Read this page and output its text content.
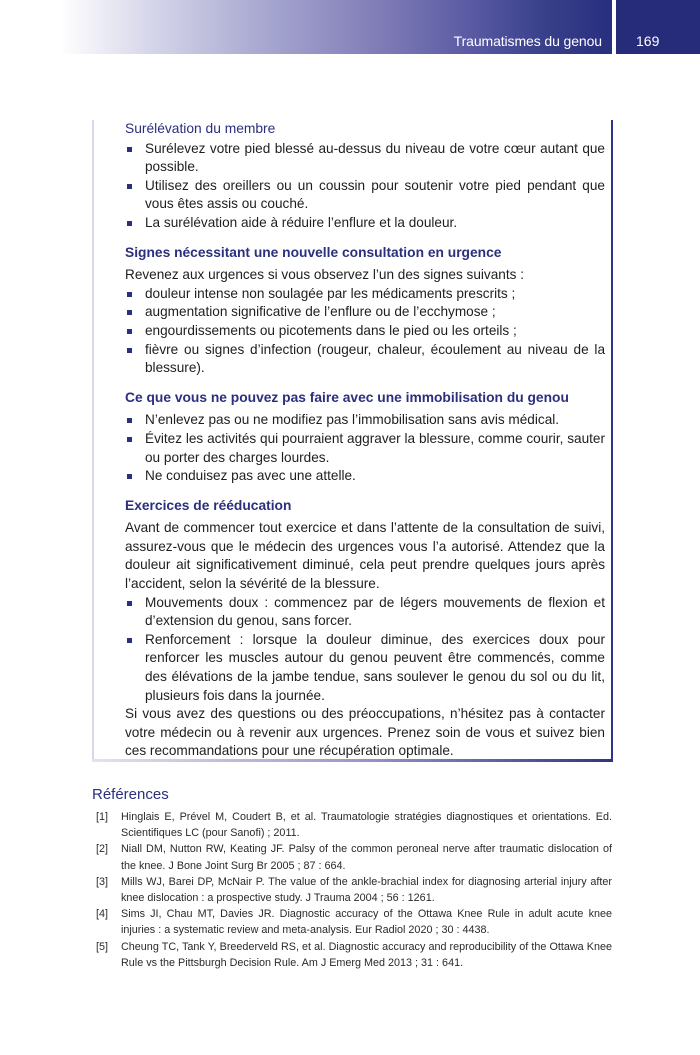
Traumatismes du genou 169
Surélévation du membre
Surélevez votre pied blessé au-dessus du niveau de votre cœur autant que possible.
Utilisez des oreillers ou un coussin pour soutenir votre pied pendant que vous êtes assis ou couché.
La surélévation aide à réduire l’enflure et la douleur.
Signes nécessitant une nouvelle consultation en urgence

Revenez aux urgences si vous observez l’un des signes suivants :

douleur intense non soulagée par les médicaments prescrits ;
augmentation significative de l’enflure ou de l’ecchymose ;
engourdissements ou picotements dans le pied ou les orteils ;
fièvre ou signes d’infection (rougeur, chaleur, écoulement au niveau de la blessure).
Ce que vous ne pouvez pas faire avec une immobilisation du genou
N’enlevez pas ou ne modifiez pas l’immobilisation sans avis médical.
Évitez les activités qui pourraient aggraver la blessure, comme courir, sauter ou porter des charges lourdes.
Ne conduisez pas avec une attelle.
Exercices de rééducation

Avant de commencer tout exercice et dans l’attente de la consultation de suivi, assurez-vous que le médecin des urgences vous l’a autorisé. Attendez que la douleur ait significativement diminué, cela peut prendre quelques jours après l’accident, selon la sévérité de la blessure.

Mouvements doux : commencez par de légers mouvements de flexion et d’extension du genou, sans forcer.
Renforcement : lorsque la douleur diminue, des exercices doux pour renforcer les muscles autour du genou peuvent être commencés, comme des élévations de la jambe tendue, sans soulever le genou du sol ou du lit, plusieurs fois dans la journée.

Si vous avez des questions ou des préoccupations, n’hésitez pas à contacter votre médecin ou à revenir aux urgences. Prenez soin de vous et suivez bien ces recommandations pour une récupération optimale.

Références

[1] Hinglais E, Prével M, Coudert B, et al. Traumatologie stratégies diagnostiques et orientations. Ed. Scientifiques LC (pour Sanofi) ; 2011.

[2] Niall DM, Nutton RW, Keating JF. Palsy of the common peroneal nerve after traumatic dislocation of the knee. J Bone Joint Surg Br 2005 ; 87 : 664.

[3] Mills WJ, Barei DP, McNair P. The value of the ankle-brachial index for diagnosing arterial injury after knee dislocation : a prospective study. J Trauma 2004 ; 56 : 1261.

[4] Sims JI, Chau MT, Davies JR. Diagnostic accuracy of the Ottawa Knee Rule in adult acute knee injuries : a systematic review and meta-analysis. Eur Radiol 2020 ; 30 : 4438.

[5] Cheung TC, Tank Y, Breederveld RS, et al. Diagnostic accuracy and reproducibility of the Ottawa Knee Rule vs the Pittsburgh Decision Rule. Am J Emerg Med 2013 ; 31 : 641.
